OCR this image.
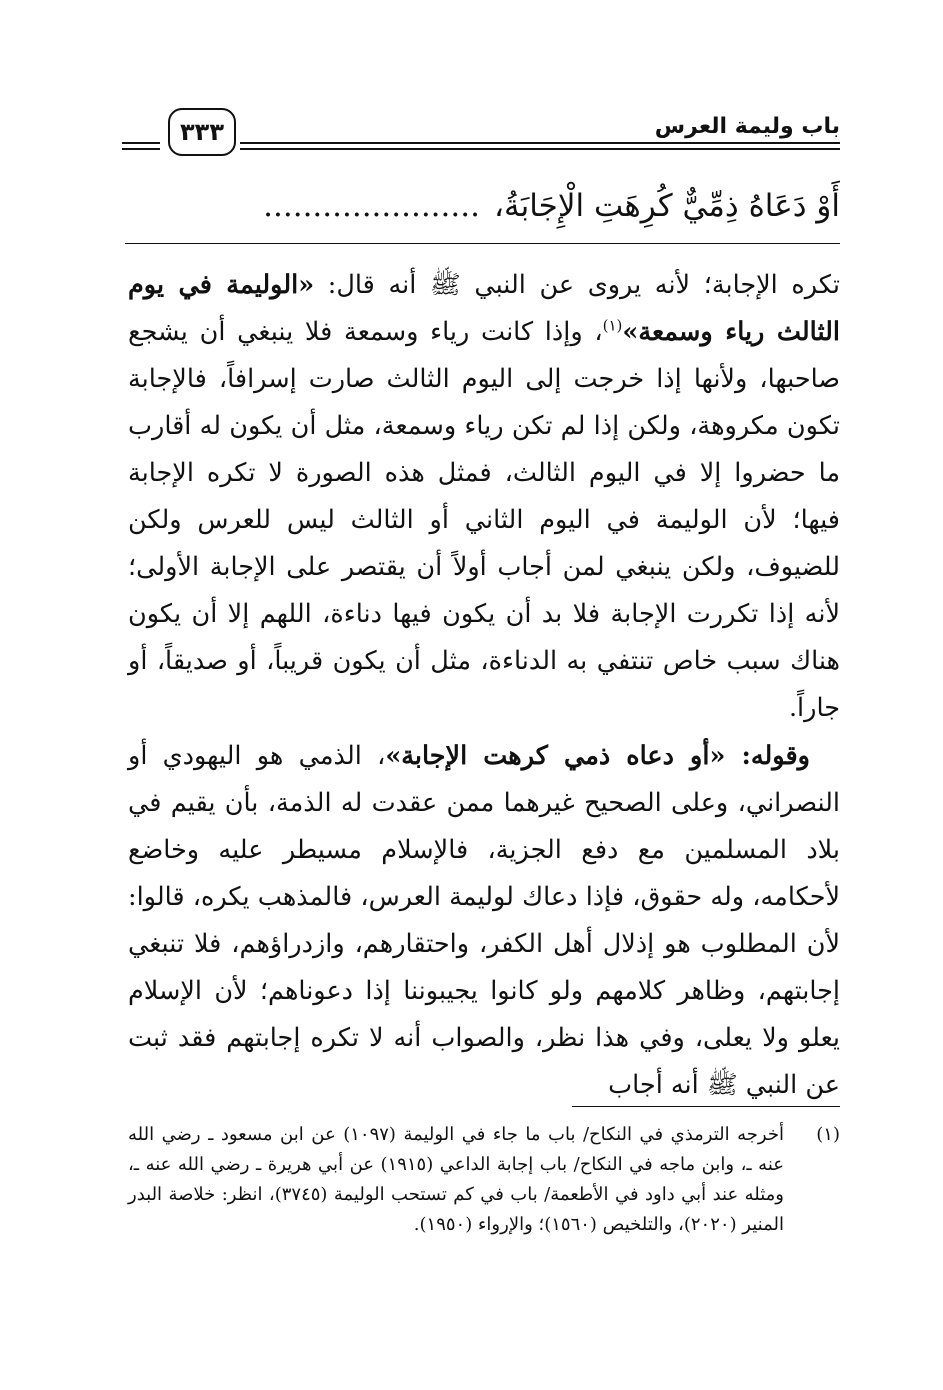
باب وليمة العرس
٣٣٣
أَوْ دَعَاهُ ذِمِّيٌّ كُرِهَتِ الْإِجَابَةُ،......................

تكره الإجابة؛ لأنه يروى عن النبي ﷺ أنه قال: «الوليمة في يوم الثالث رياء وسمعة»$^{(١)}$، وإذا كانت رياء وسمعة فلا ينبغي أن يشجع صاحبها، ولأنها إذا خرجت إلى اليوم الثالث صارت إسرافاً، فالإجابة تكون مكروهة، ولكن إذا لم تكن رياء وسمعة، مثل أن يكون له أقارب ما حضروا إلا في اليوم الثالث، فمثل هذه الصورة لا تكره الإجابة فيها؛ لأن الوليمة في اليوم الثاني أو الثالث ليس للعرس ولكن للضيوف، ولكن ينبغي لمن أجاب أولاً أن يقتصر على الإجابة الأولى؛ لأنه إذا تكررت الإجابة فلا بد أن يكون فيها دناءة، اللهم إلا أن يكون هناك سبب خاص تنتفي به الدناءة، مثل أن يكون قريباً، أو صديقاً، أو جاراً.

وقوله: «أو دعاه ذمي كرهت الإجابة»، الذمي هو اليهودي أو النصراني، وعلى الصحيح غيرهما ممن عقدت له الذمة، بأن يقيم في بلاد المسلمين مع دفع الجزية، فالإسلام مسيطر عليه وخاضع لأحكامه، وله حقوق، فإذا دعاك لوليمة العرس، فالمذهب يكره، قالوا: لأن المطلوب هو إذلال أهل الكفر، واحتقارهم، وازدراؤهم، فلا تنبغي إجابتهم، وظاهر كلامهم ولو كانوا يجيبوننا إذا دعوناهم؛ لأن الإسلام يعلو ولا يعلى، وفي هذا نظر، والصواب أنه لا تكره إجابتهم فقد ثبت عن النبي ﷺ أنه أجاب

(١)
أخرجه الترمذي في النكاح/ باب ما جاء في الوليمة (١٠٩٧) عن ابن مسعود ـ رضي الله عنه ـ، وابن ماجه في النكاح/ باب إجابة الداعي (١٩١٥) عن أبي هريرة ـ رضي الله عنه ـ، ومثله عند أبي داود في الأطعمة/ باب في كم تستحب الوليمة (٣٧٤٥)، انظر: خلاصة البدر المنير (٢٠٢٠)، والتلخيص (١٥٦٠)؛ والإرواء (١٩٥٠).
